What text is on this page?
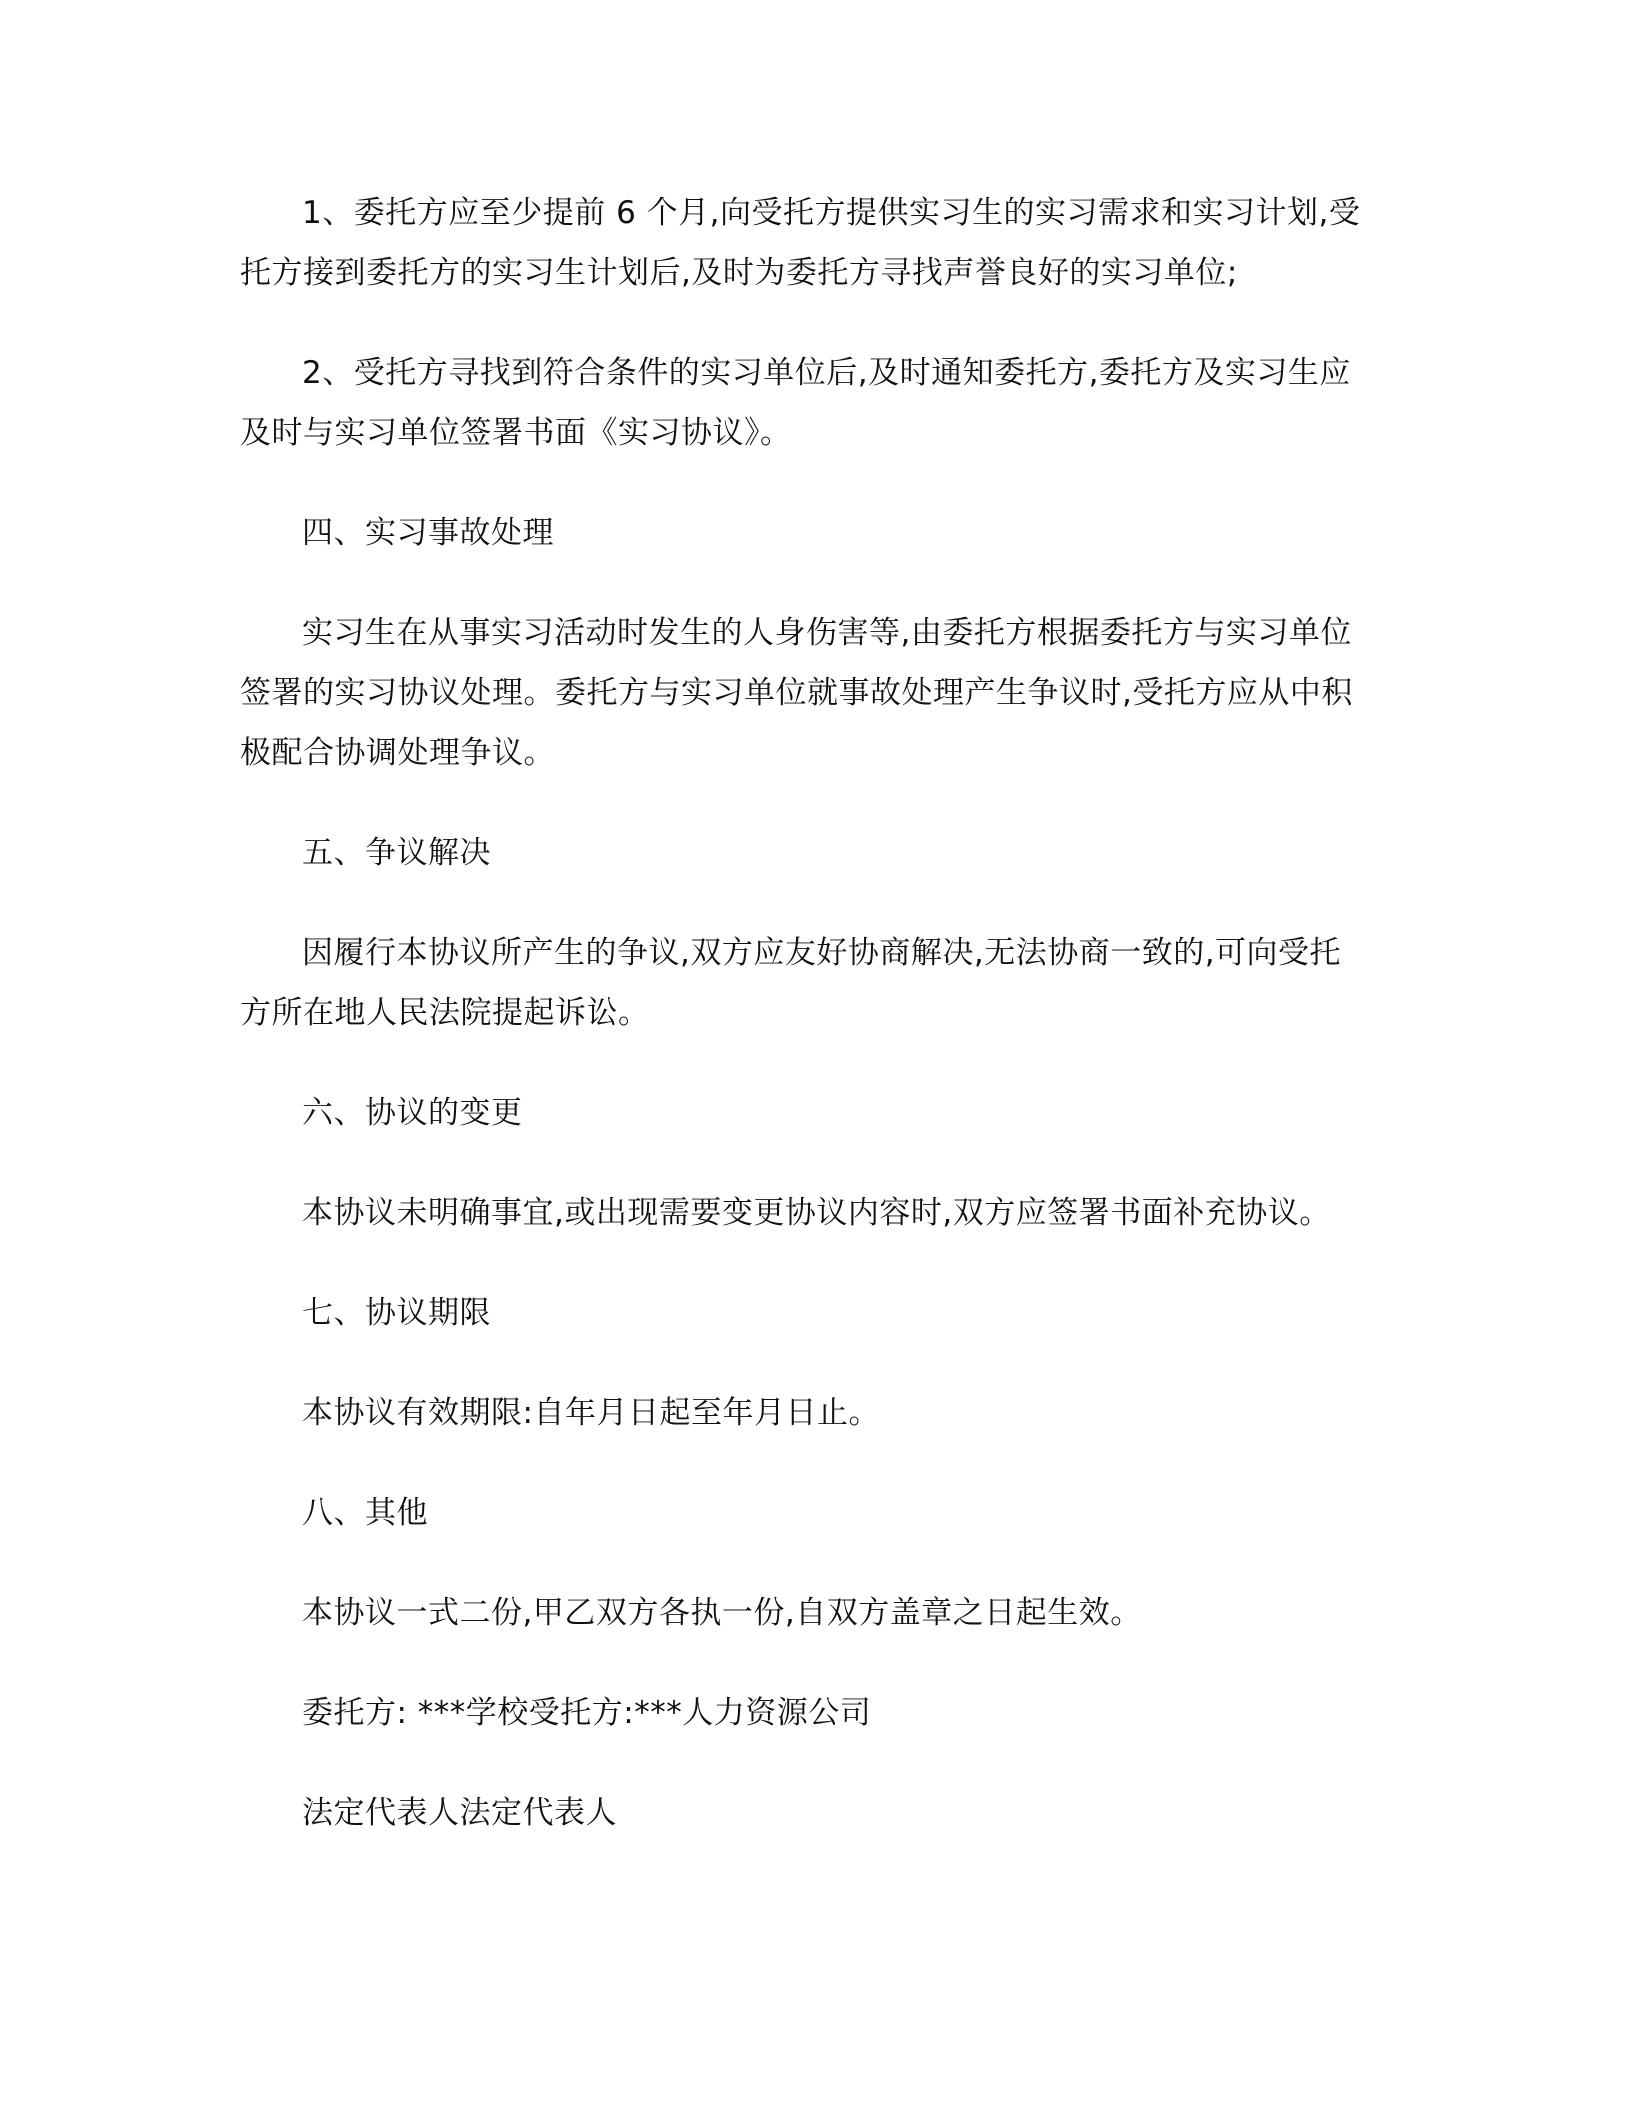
1、委托方应至少提前 6 个月,向受托方提供实习生的实习需求和实习计划,受托方接到委托方的实习生计划后,及时为委托方寻找声誉良好的实习单位;

2、受托方寻找到符合条件的实习单位后,及时通知委托方,委托方及实习生应及时与实习单位签署书面《实习协议》。

四、实习事故处理

实习生在从事实习活动时发生的人身伤害等,由委托方根据委托方与实习单位签署的实习协议处理。委托方与实习单位就事故处理产生争议时,受托方应从中积极配合协调处理争议。

五、争议解决

因履行本协议所产生的争议,双方应友好协商解决,无法协商一致的,可向受托方所在地人民法院提起诉讼。

六、协议的变更

本协议未明确事宜,或出现需要变更协议内容时,双方应签署书面补充协议。

七、协议期限

本协议有效期限:自年月日起至年月日止。

八、其他

本协议一式二份,甲乙双方各执一份,自双方盖章之日起生效。

委托方: ***学校受托方:***人力资源公司

法定代表人法定代表人
